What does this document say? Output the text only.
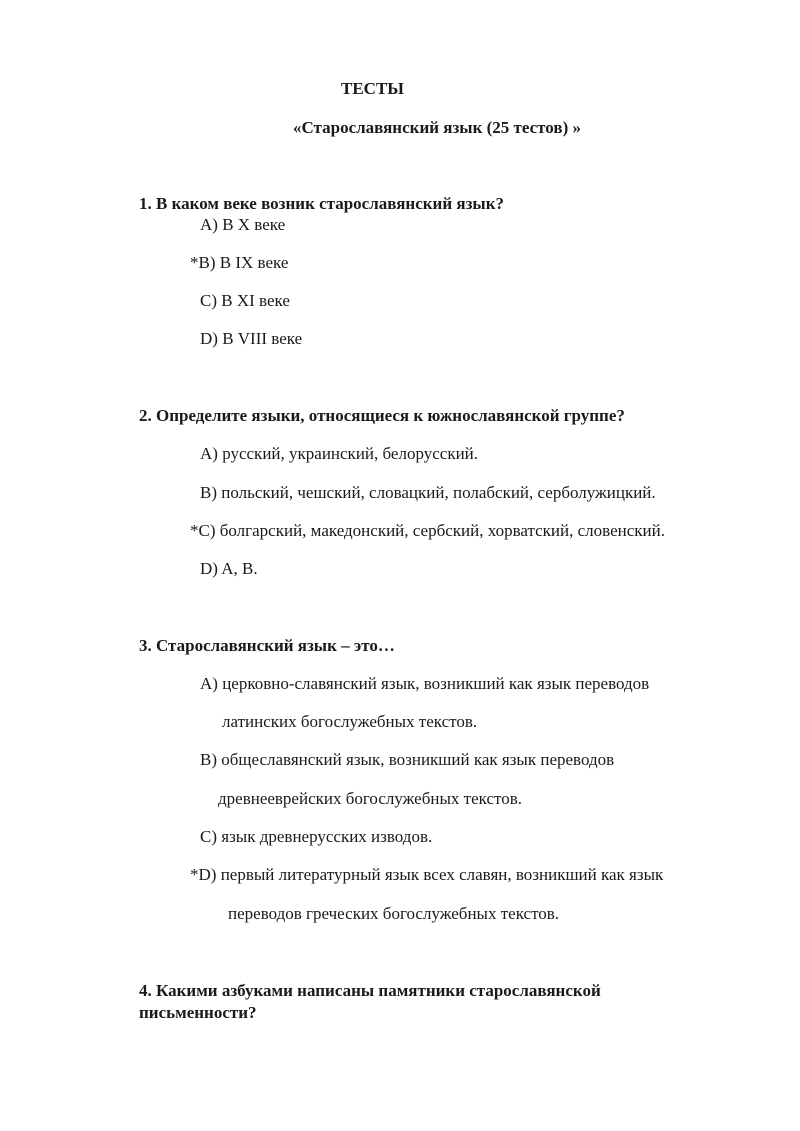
ТЕСТЫ
«Старославянский язык (25 тестов) »
1. В каком веке возник старославянский язык?
A) В X веке
*B) В IX веке
C) В XI веке
D) В VIII веке
2. Определите языки, относящиеся к южнославянской группе?
A) русский, украинский, белорусский.
B) польский, чешский, словацкий, полабский, серболужицкий.
*C) болгарский, македонский, сербский, хорватский, словенский.
D) A, B.
3. Старославянский язык – это…
A) церковно-славянский язык, возникший как язык переводов
латинских богослужебных текстов.
B) общеславянский язык, возникший как язык переводов
древнееврейских богослужебных текстов.
C) язык древнерусских изводов.
*D) первый литературный язык всех славян, возникший как язык
переводов греческих богослужебных текстов.
4. Какими азбуками написаны памятники старославянской
письменности?
